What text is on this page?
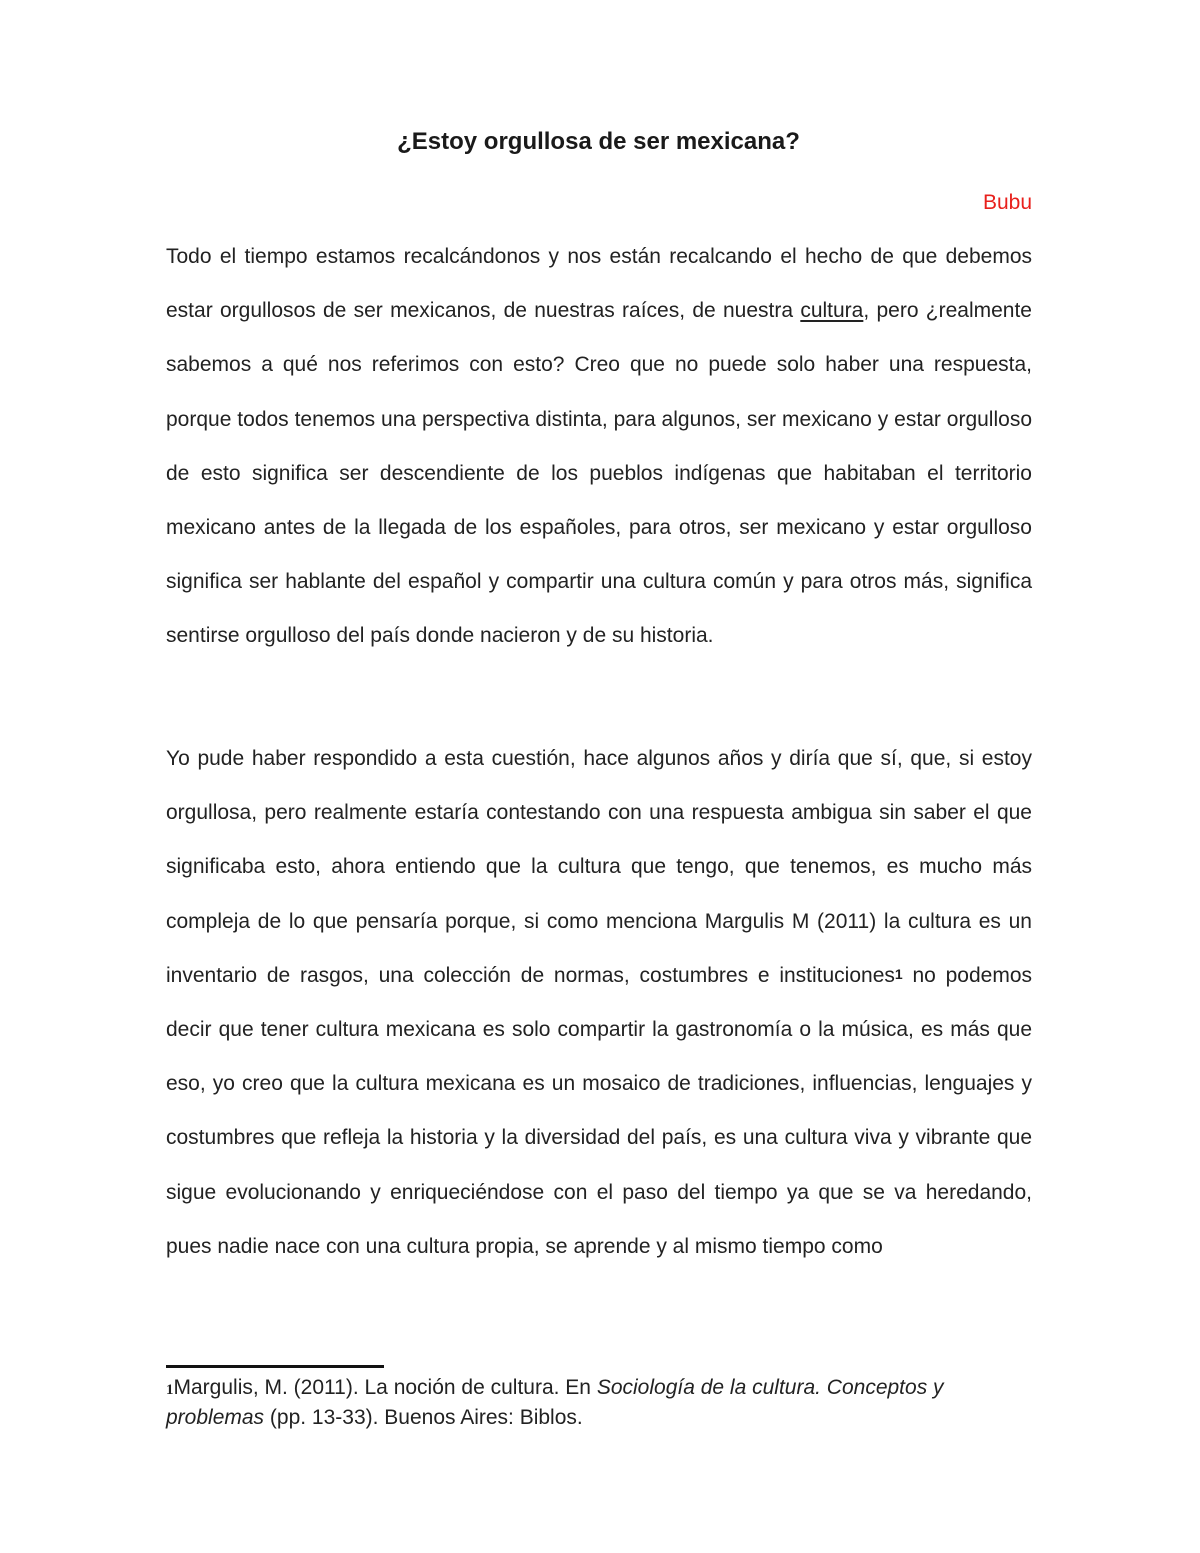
¿Estoy orgullosa de ser mexicana?

Bubu

Todo el tiempo estamos recalcándonos y nos están recalcando el hecho de que debemos estar orgullosos de ser mexicanos, de nuestras raíces, de nuestra cultura, pero ¿realmente sabemos a qué nos referimos con esto? Creo que no puede solo haber una respuesta, porque todos tenemos una perspectiva distinta, para algunos, ser mexicano y estar orgulloso de esto significa ser descendiente de los pueblos indígenas que habitaban el territorio mexicano antes de la llegada de los españoles, para otros, ser mexicano y estar orgulloso significa ser hablante del español y compartir una cultura común y para otros más, significa sentirse orgulloso del país donde nacieron y de su historia.

Yo pude haber respondido a esta cuestión, hace algunos años y diría que sí, que, si estoy orgullosa, pero realmente estaría contestando con una respuesta ambigua sin saber el que significaba esto, ahora entiendo que la cultura que tengo, que tenemos, es mucho más compleja de lo que pensaría porque, si como menciona Margulis M (2011) la cultura es un inventario de rasgos, una colección de normas, costumbres e instituciones$^1$ no podemos decir que tener cultura mexicana es solo compartir la gastronomía o la música, es más que eso, yo creo que la cultura mexicana es un mosaico de tradiciones, influencias, lenguajes y costumbres que refleja la historia y la diversidad del país, es una cultura viva y vibrante que sigue evolucionando y enriqueciéndose con el paso del tiempo ya que se va heredando, pues nadie nace con una cultura propia, se aprende y al mismo tiempo como

1Margulis, M. (2011). La noción de cultura. En Sociología de la cultura. Conceptos y problemas (pp. 13-33). Buenos Aires: Biblos.
